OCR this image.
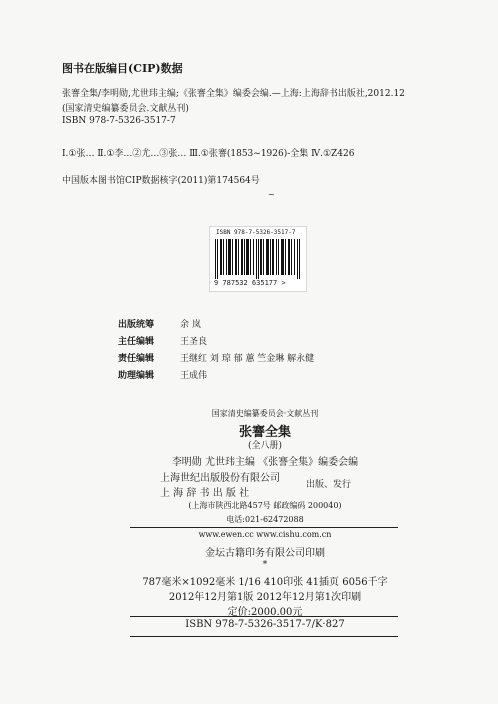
图书在版编目(CIP)数据
张謇全集/李明勋,尤世玮主编;《张謇全集》编委会编.—上海:上海辞书出版社,2012.12
(国家清史编纂委员会.文献丛刊)
ISBN 978-7-5326-3517-7
Ⅰ.①张… Ⅱ.①李…②尤…③张… Ⅲ.①张謇(1853~1926)-全集 Ⅳ.①Z426
中国版本图书馆CIP数据核字(2011)第174564号
~
ISBN 978-7-5326-3517-7
9 787532 635177 >
出版统筹	余 岚
主任编辑	王圣良
责任编辑	王继红 刘 琼 郁 蕙 竺金琳 解永健
助理编辑	王成伟
国家清史编纂委员会·文献丛刊
张謇全集
(全八册)
李明勋 尤世玮主编 《张謇全集》编委会编
上海世纪出版股份有限公司
上 海 辞 书 出 版 社
出版、发行
(上海市陕西北路457号 邮政编码 200040)
电话:021-62472088
www.ewen.cc www.cishu.com.cn
金坛古籍印务有限公司印刷
*
787毫米×1092毫米 1/16 410印张 41插页 6056千字
2012年12月第1版 2012年12月第1次印刷
定价:2000.00元
ISBN 978-7-5326-3517-7/K·827
